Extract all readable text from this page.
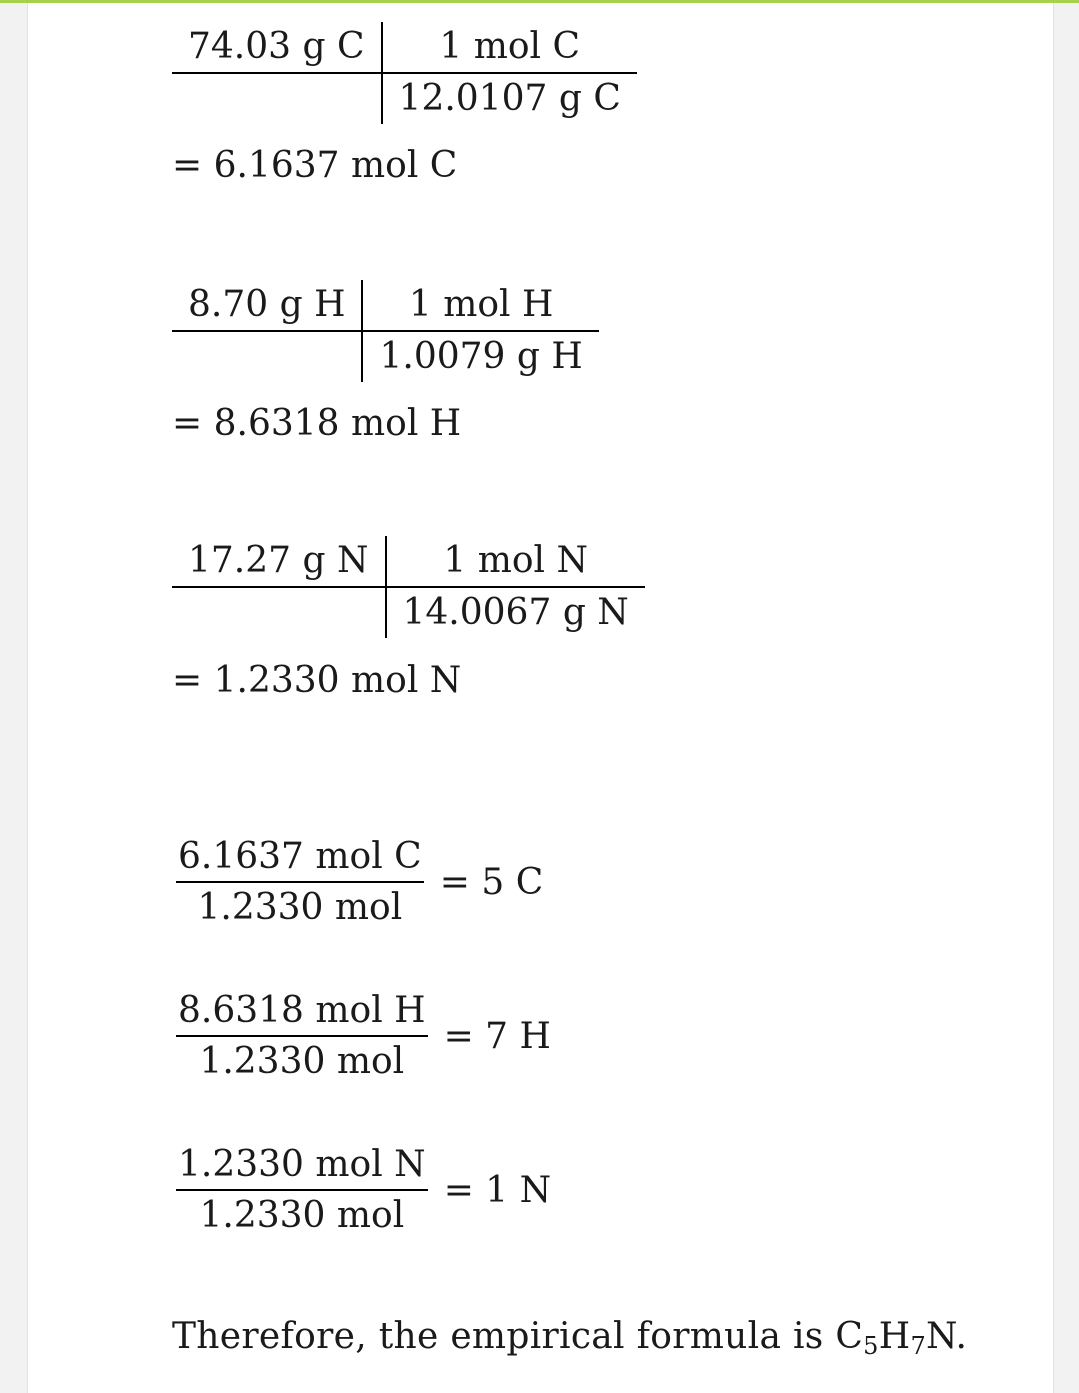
74.03 g C	1 mol C
12.0107 g C
= 6.1637 mol C
8.70 g H	1 mol H
1.0079 g H
= 8.6318 mol H
17.27 g N	1 mol N
14.0067 g N
= 1.2330 mol N
$\frac{\text{6.1637 mol C}}{\text{1.2330 mol}} = 5$ C
$\frac{\text{8.6318 mol H}}{\text{1.2330 mol}} = 7$ H
$\frac{\text{1.2330 mol N}}{\text{1.2330 mol}} = 1$ N
Therefore, the empirical formula is $C_5H_7N$.
